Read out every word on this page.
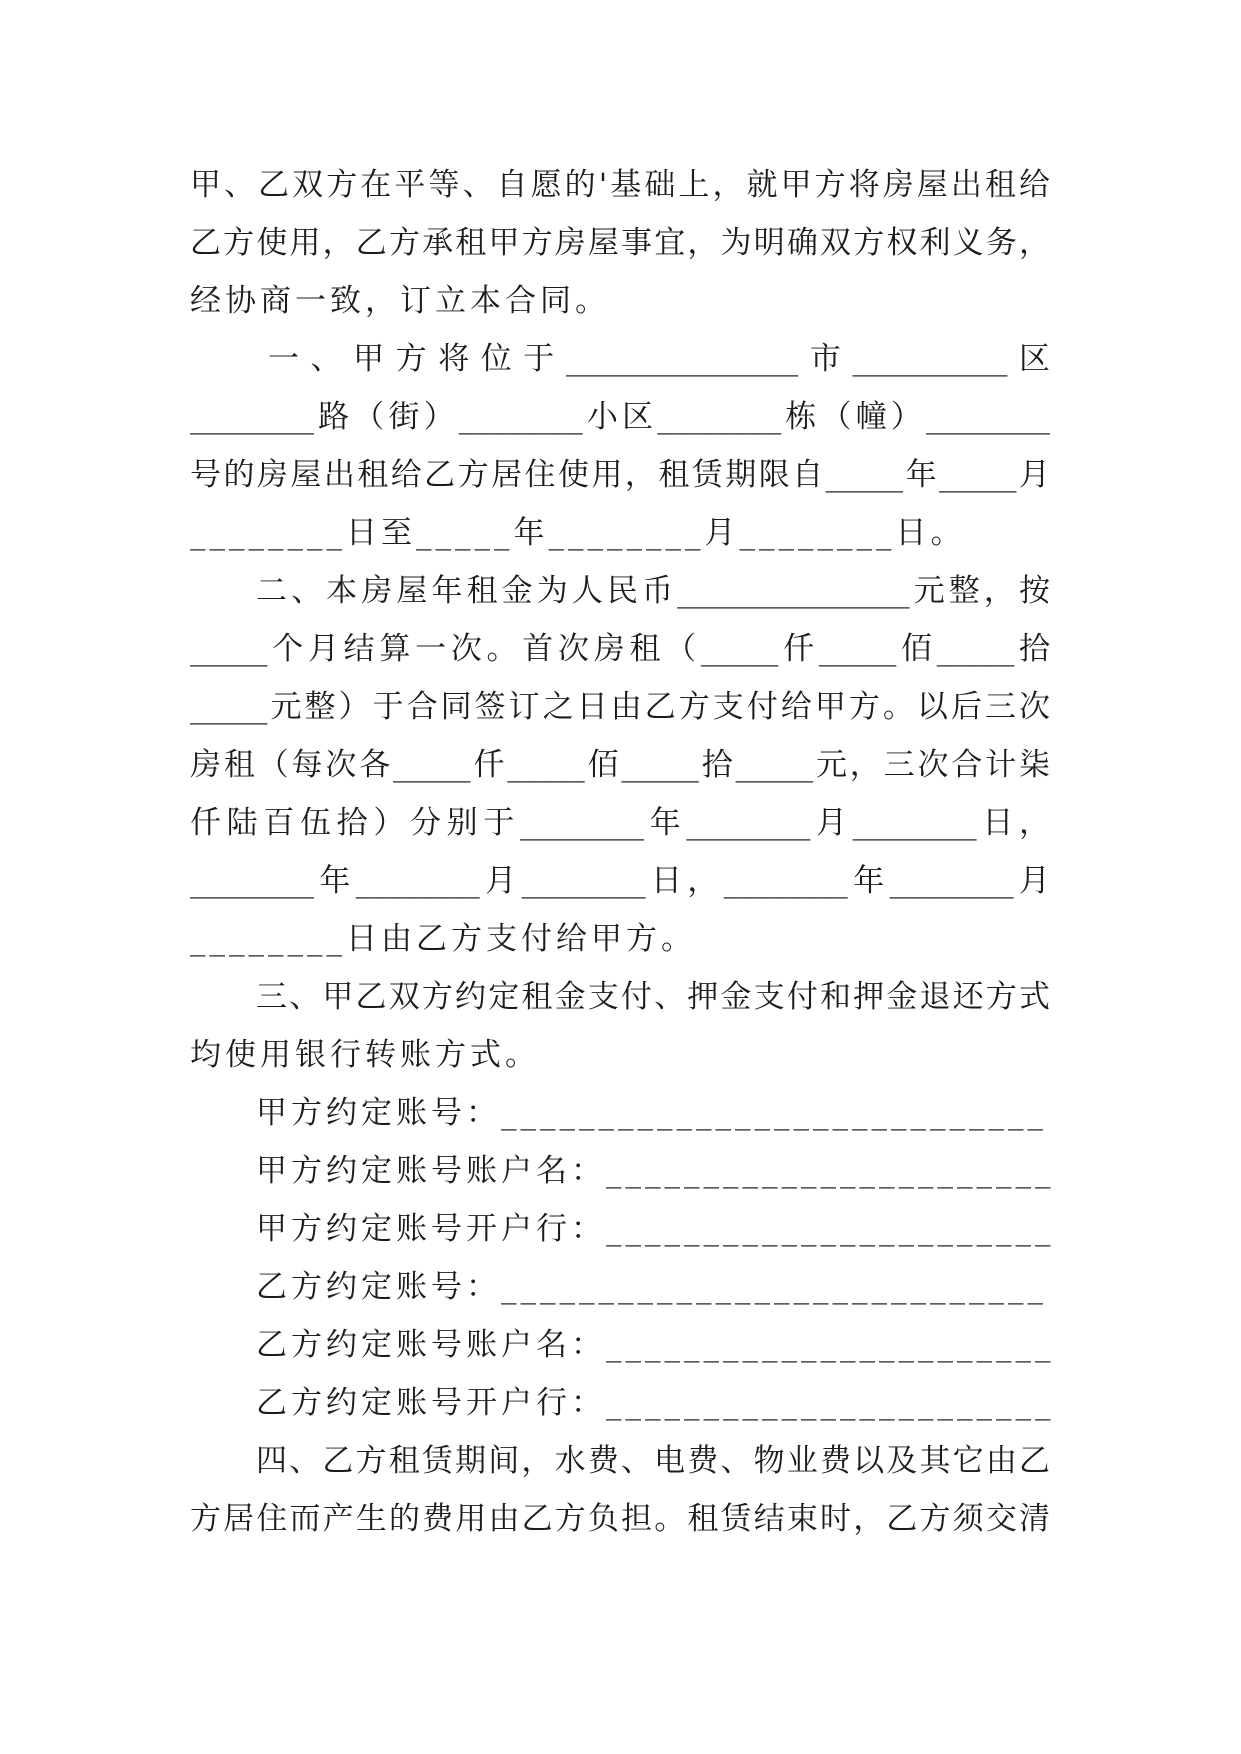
甲、乙双方在平等、自愿的'基础上，就甲方将房屋出租给
乙方使用，乙方承租甲方房屋事宜，为明确双方权利义务，
经协商一致，订立本合同。
一、甲方将位于_______________市__________区
________路（街）________小区________栋（幢）________
号的房屋出租给乙方居住使用，租赁期限自_____年_____月
________日至_____年________月________日。
二、本房屋年租金为人民币_______________元整，按
_____个月结算一次。首次房租（_____仟_____佰_____拾
_____元整）于合同签订之日由乙方支付给甲方。以后三次
房租（每次各_____仟_____佰_____拾_____元，三次合计柒
仟陆百伍拾）分别于________年________月________日，
________年________月________日，________年________月
________日由乙方支付给甲方。
三、甲乙双方约定租金支付、押金支付和押金退还方式
均使用银行转账方式。
甲方约定账号：____________________________
甲方约定账号账户名：_______________________
甲方约定账号开户行：_______________________
乙方约定账号：____________________________
乙方约定账号账户名：_______________________
乙方约定账号开户行：_______________________
四、乙方租赁期间，水费、电费、物业费以及其它由乙
方居住而产生的费用由乙方负担。租赁结束时，乙方须交清
